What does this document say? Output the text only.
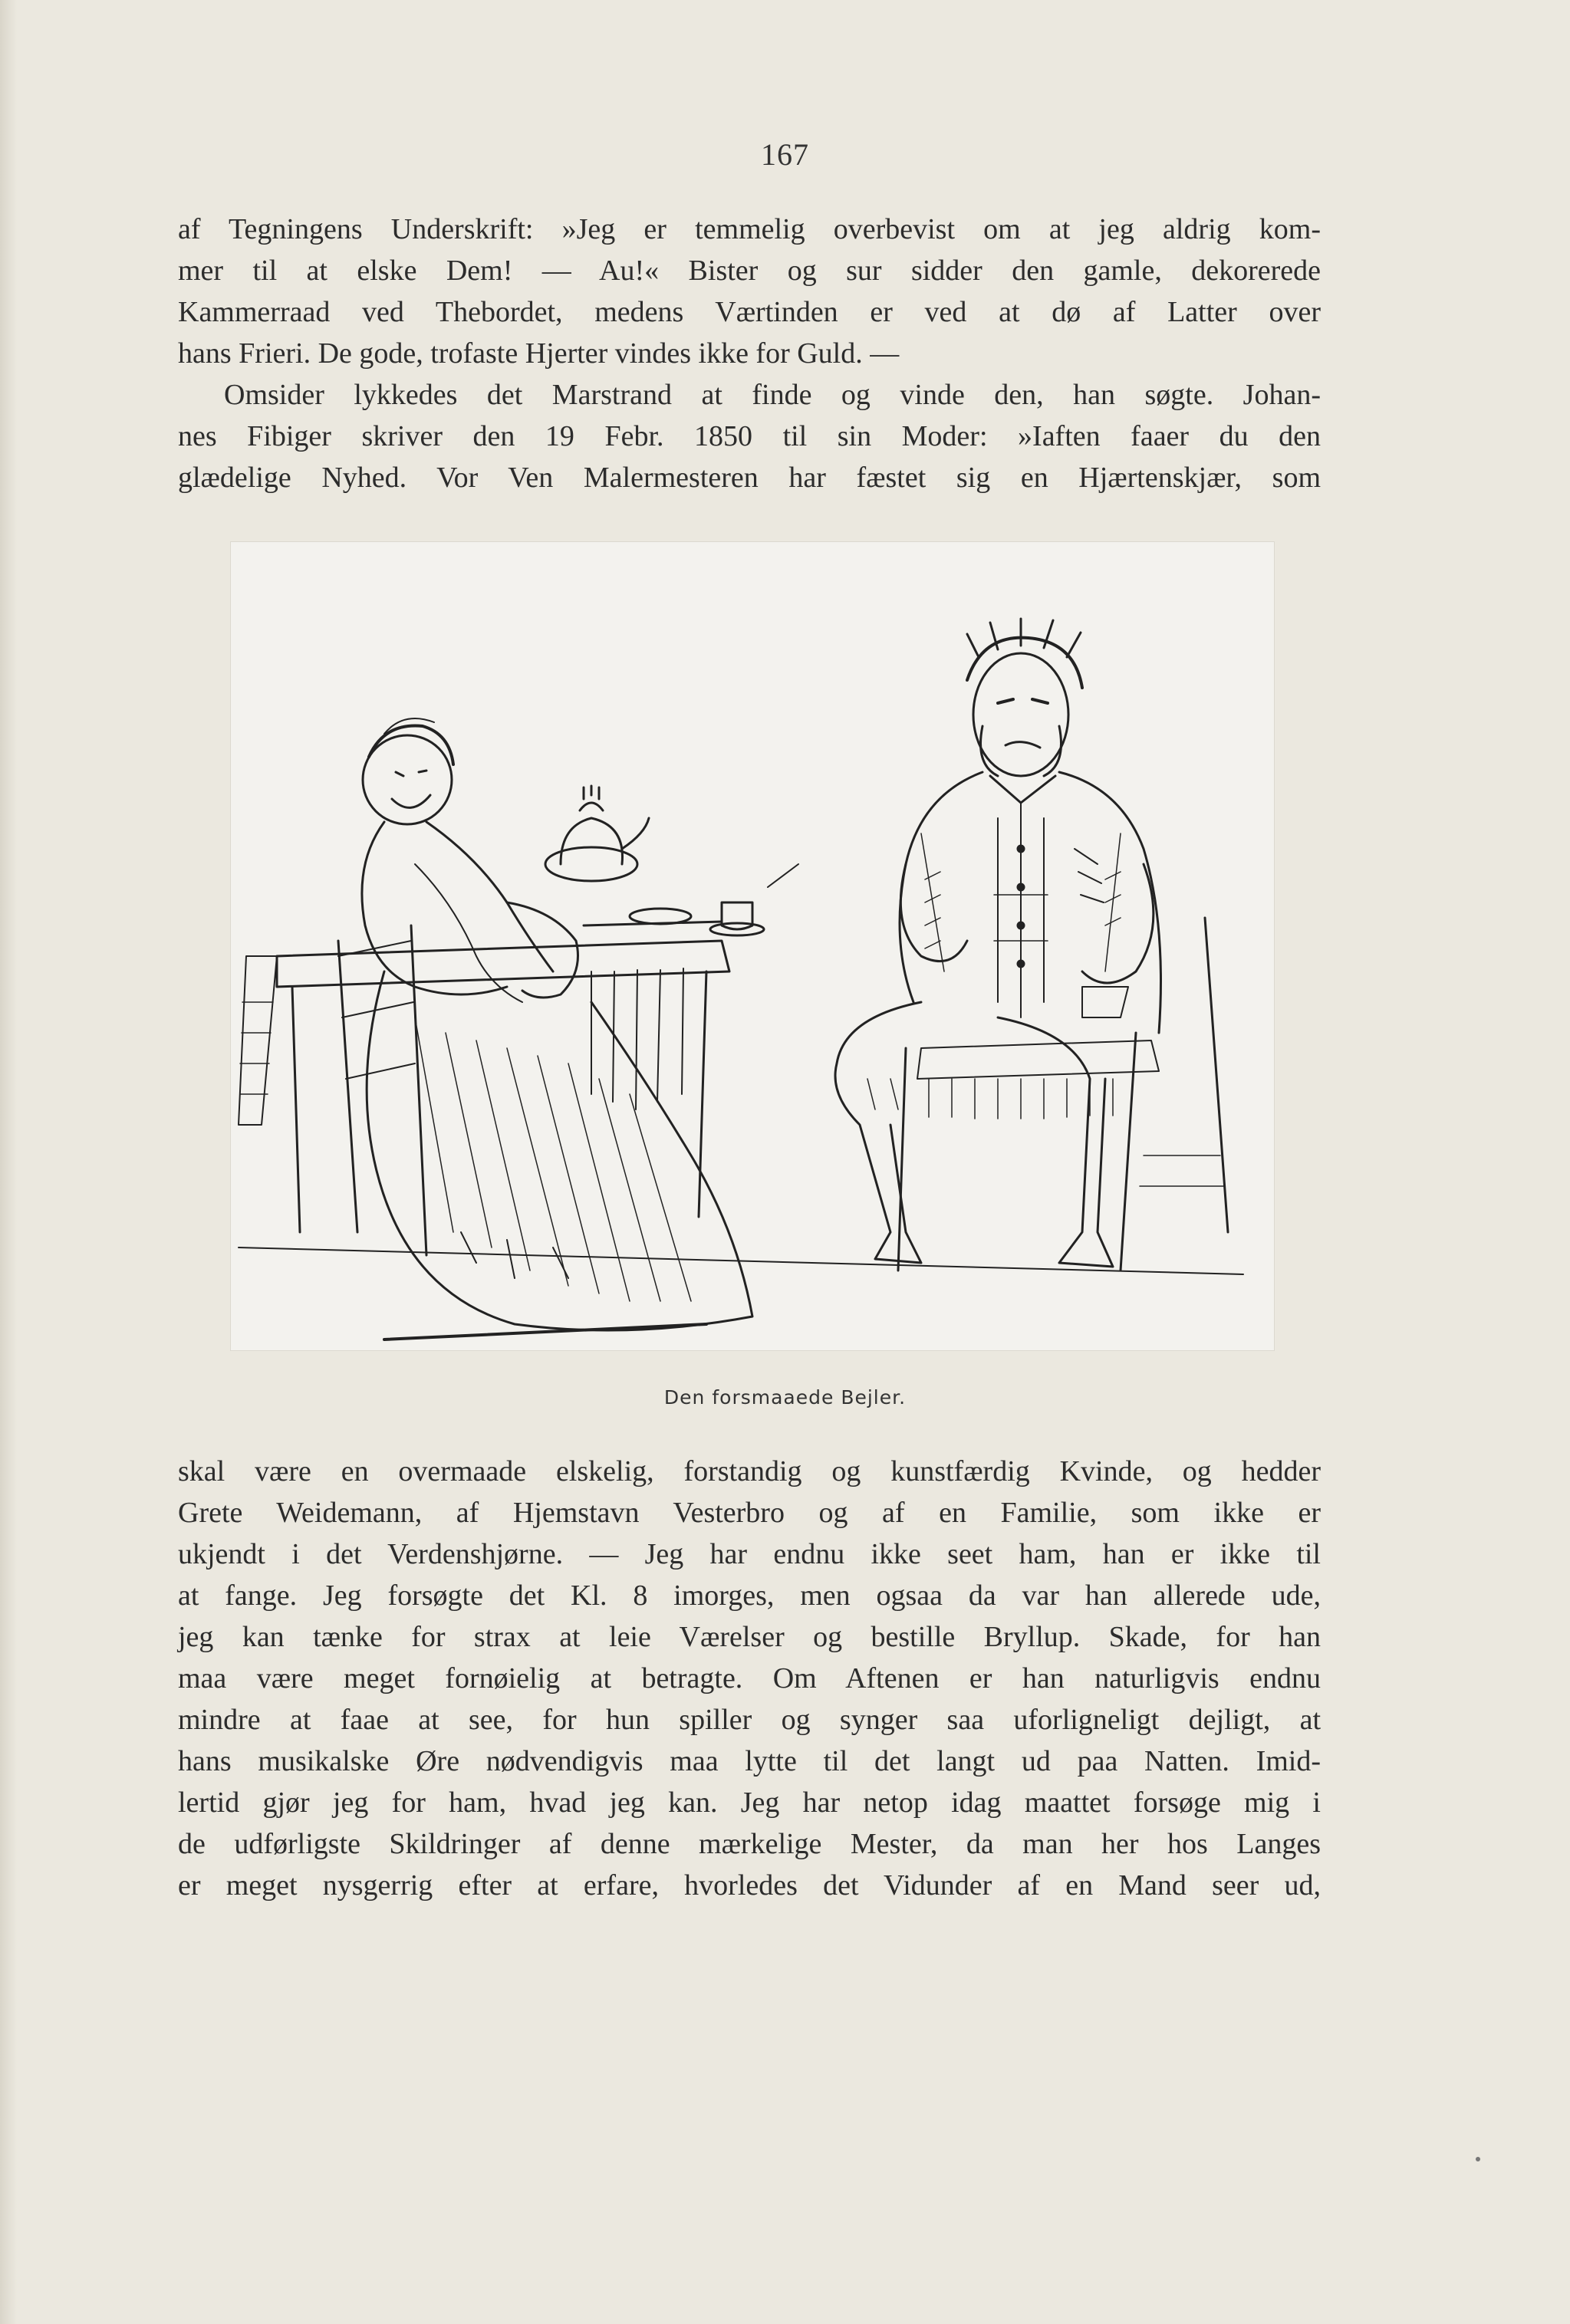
167
af Tegningens Underskrift: »Jeg er temmelig overbevist om at jeg aldrig kom-
mer til at elske Dem! — Au!« Bister og sur sidder den gamle, dekorerede
Kammerraad ved Thebordet, medens Værtinden er ved at dø af Latter over
hans Frieri. De gode, trofaste Hjerter vindes ikke for Guld. —
Omsider lykkedes det Marstrand at finde og vinde den, han søgte. Johan-
nes Fibiger skriver den 19 Febr. 1850 til sin Moder: »Iaften faaer du den
glædelige Nyhed. Vor Ven Malermesteren har fæstet sig en Hjærtenskjær, som
Den forsmaaede Bejler.
skal være en overmaade elskelig, forstandig og kunstfærdig Kvinde, og hedder
Grete Weidemann, af Hjemstavn Vesterbro og af en Familie, som ikke er
ukjendt i det Verdenshjørne. — Jeg har endnu ikke seet ham, han er ikke til
at fange. Jeg forsøgte det Kl. 8 imorges, men ogsaa da var han allerede ude,
jeg kan tænke for strax at leie Værelser og bestille Bryllup. Skade, for han
maa være meget fornøielig at betragte. Om Aftenen er han naturligvis endnu
mindre at faae at see, for hun spiller og synger saa uforligneligt dejligt, at
hans musikalske Øre nødvendigvis maa lytte til det langt ud paa Natten. Imid-
lertid gjør jeg for ham, hvad jeg kan. Jeg har netop idag maattet forsøge mig i
de udførligste Skildringer af denne mærkelige Mester, da man her hos Langes
er meget nysgerrig efter at erfare, hvorledes det Vidunder af en Mand seer ud,
